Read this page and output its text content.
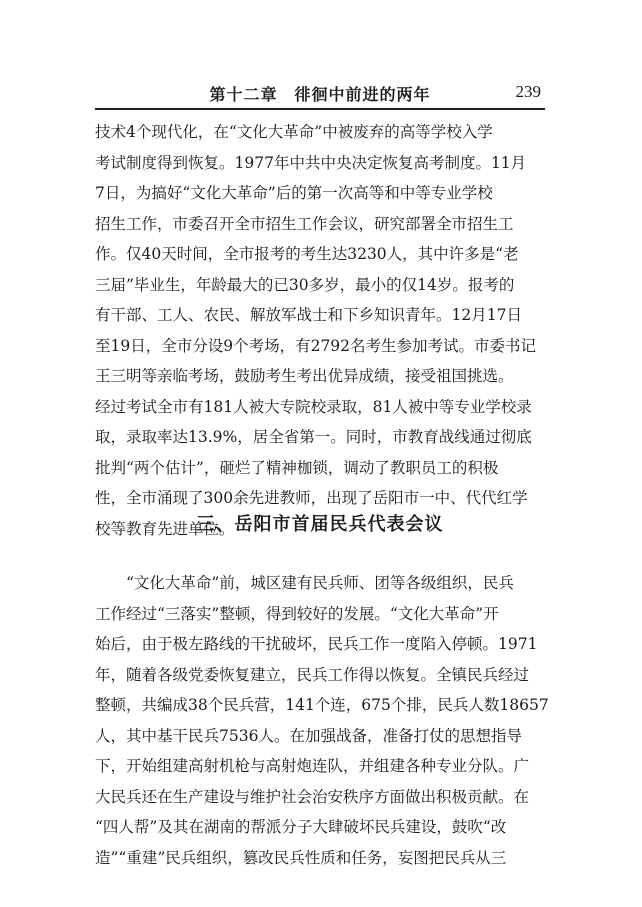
第十二章　徘徊中前进的两年	239

技术4个现代化，在“文化大革命”中被废弃的高等学校入学
考试制度得到恢复。1977年中共中央决定恢复高考制度。11月
7日，为搞好“文化大革命”后的第一次高等和中等专业学校
招生工作，市委召开全市招生工作会议，研究部署全市招生工
作。仅40天时间，全市报考的考生达3230人，其中许多是“老
三届”毕业生，年龄最大的已30多岁，最小的仅14岁。报考的
有干部、工人、农民、解放军战士和下乡知识青年。12月17日
至19日，全市分设9个考场，有2792名考生参加考试。市委书记
王三明等亲临考场，鼓励考生考出优异成绩，接受祖国挑选。
经过考试全市有181人被大专院校录取，81人被中等专业学校录
取，录取率达13.9%，居全省第一。同时，市教育战线通过彻底
批判“两个估计”，砸烂了精神枷锁，调动了教职员工的积极
性，全市涌现了300余先进教师，出现了岳阳市一中、代代红学
校等教育先进单位。

三、岳阳市首届民兵代表会议

　　“文化大革命”前，城区建有民兵师、团等各级组织，民兵
工作经过“三落实”整顿，得到较好的发展。“文化大革命”开
始后，由于极左路线的干扰破坏，民兵工作一度陷入停顿。1971
年，随着各级党委恢复建立，民兵工作得以恢复。全镇民兵经过
整顿，共编成38个民兵营，141个连，675个排，民兵人数18657
人，其中基干民兵7536人。在加强战备，准备打仗的思想指导
下，开始组建高射机枪与高射炮连队，并组建各种专业分队。广
大民兵还在生产建设与维护社会治安秩序方面做出积极贡献。在
“四人帮”及其在湖南的帮派分子大肆破坏民兵建设，鼓吹“改
造”“重建”民兵组织，篡改民兵性质和任务，妄图把民兵从三
